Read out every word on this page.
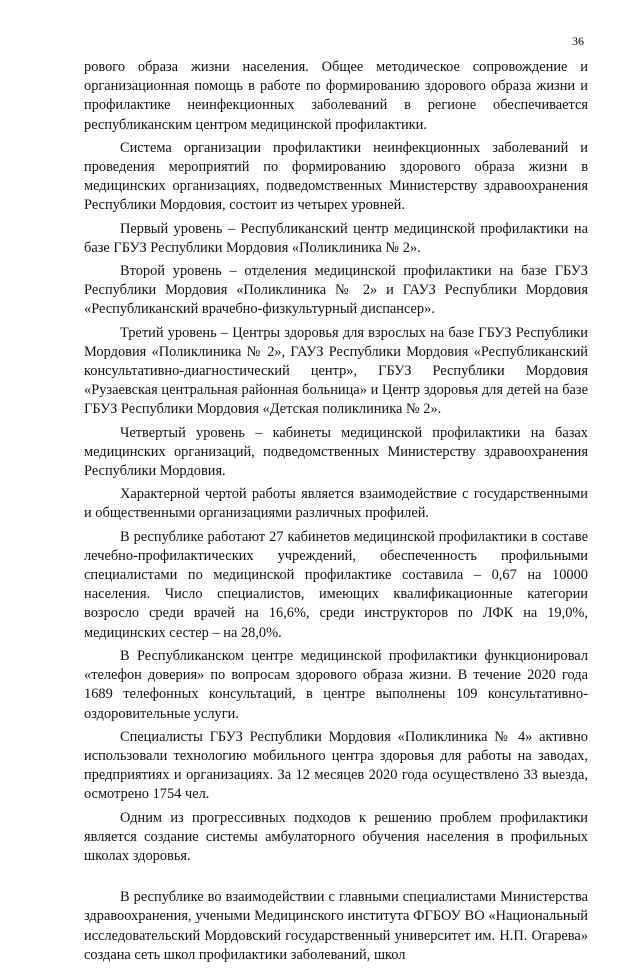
36

рового образа жизни населения. Общее методическое сопровождение и организационная помощь в работе по формированию здорового образа жизни и профилактике неинфекционных заболеваний в регионе обеспечивается республиканским центром медицинской профилактики.

Система организации профилактики неинфекционных заболеваний и проведения мероприятий по формированию здорового образа жизни в медицинских организациях, подведомственных Министерству здравоохранения Республики Мордовия, состоит из четырех уровней.

Первый уровень – Республиканский центр медицинской профилактики на базе ГБУЗ Республики Мордовия «Поликлиника № 2».

Второй уровень – отделения медицинской профилактики на базе ГБУЗ Республики Мордовия «Поликлиника № 2» и ГАУЗ Республики Мордовия «Республиканский врачебно-физкультурный диспансер».

Третий уровень – Центры здоровья для взрослых на базе ГБУЗ Республики Мордовия «Поликлиника № 2», ГАУЗ Республики Мордовия «Республиканский консультативно-диагностический центр», ГБУЗ Республики Мордовия «Рузаевская центральная районная больница» и Центр здоровья для детей на базе ГБУЗ Республики Мордовия «Детская поликлиника № 2».

Четвертый уровень – кабинеты медицинской профилактики на базах медицинских организаций, подведомственных Министерству здравоохранения Республики Мордовия.

Характерной чертой работы является взаимодействие с государственными и общественными организациями различных профилей.

В республике работают 27 кабинетов медицинской профилактики в составе лечебно-профилактических учреждений, обеспеченность профильными специалистами по медицинской профилактике составила – 0,67 на 10000 населения. Число специалистов, имеющих квалификационные категории возросло среди врачей на 16,6%, среди инструкторов по ЛФК на 19,0%, медицинских сестер – на 28,0%.

В Республиканском центре медицинской профилактики функционировал «телефон доверия» по вопросам здорового образа жизни. В течение 2020 года 1689 телефонных консультаций, в центре выполнены 109 консультативно-оздоровительные услуги.

Специалисты ГБУЗ Республики Мордовия «Поликлиника № 4» активно использовали технологию мобильного центра здоровья для работы на заводах, предприятиях и организациях. За 12 месяцев 2020 года осуществлено 33 выезда, осмотрено 1754 чел.

Одним из прогрессивных подходов к решению проблем профилактики является создание системы амбулаторного обучения населения в профильных школах здоровья.

В республике во взаимодействии с главными специалистами Министерства здравоохранения, учеными Медицинского института ФГБОУ ВО «Национальный исследовательский Мордовский государственный университет им. Н.П. Огарева» создана сеть школ профилактики заболеваний, школ
